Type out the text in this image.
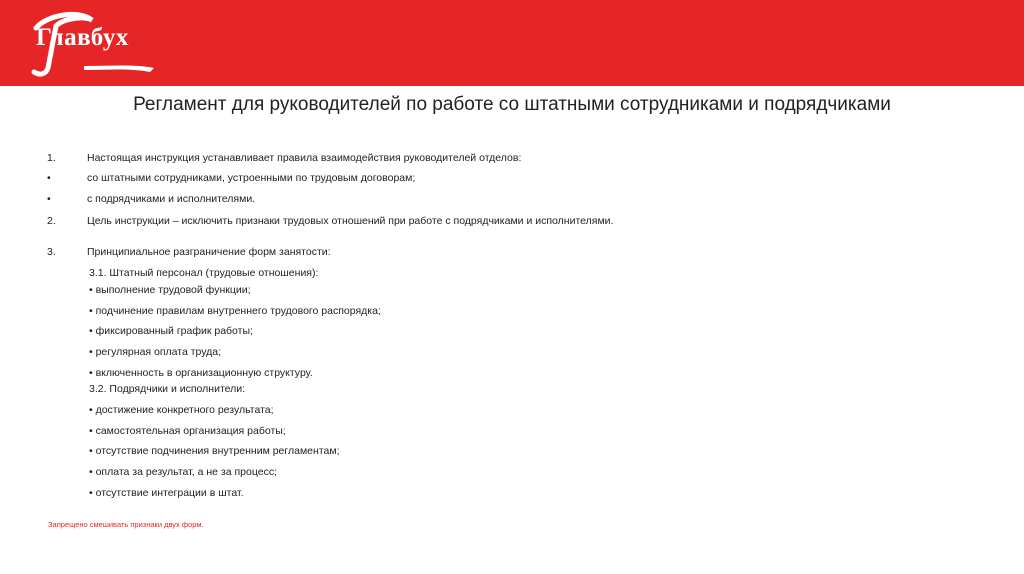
Главбух
Регламент для руководителей по работе со штатными сотрудниками и подрядчиками
1.	Настоящая инструкция устанавливает правила взаимодействия руководителей отделов:
•	со штатными сотрудниками, устроенными по трудовым договорам;
•	с подрядчиками и исполнителями.
2.	Цель инструкции – исключить признаки трудовых отношений при работе с подрядчиками и исполнителями.
3.	Принципиальное разграничение форм занятости:
3.1. Штатный персонал (трудовые отношения):
• выполнение трудовой функции;
• подчинение правилам внутреннего трудового распорядка;
• фиксированный график работы;
• регулярная оплата труда;
• включенность в организационную структуру.
3.2. Подрядчики и исполнители:
• достижение конкретного результата;
• самостоятельная организация работы;
• отсутствие подчинения внутренним регламентам;
• оплата за результат, а не за процесс;
• отсутствие интеграции в штат.
Запрещено смешивать признаки двух форм.
